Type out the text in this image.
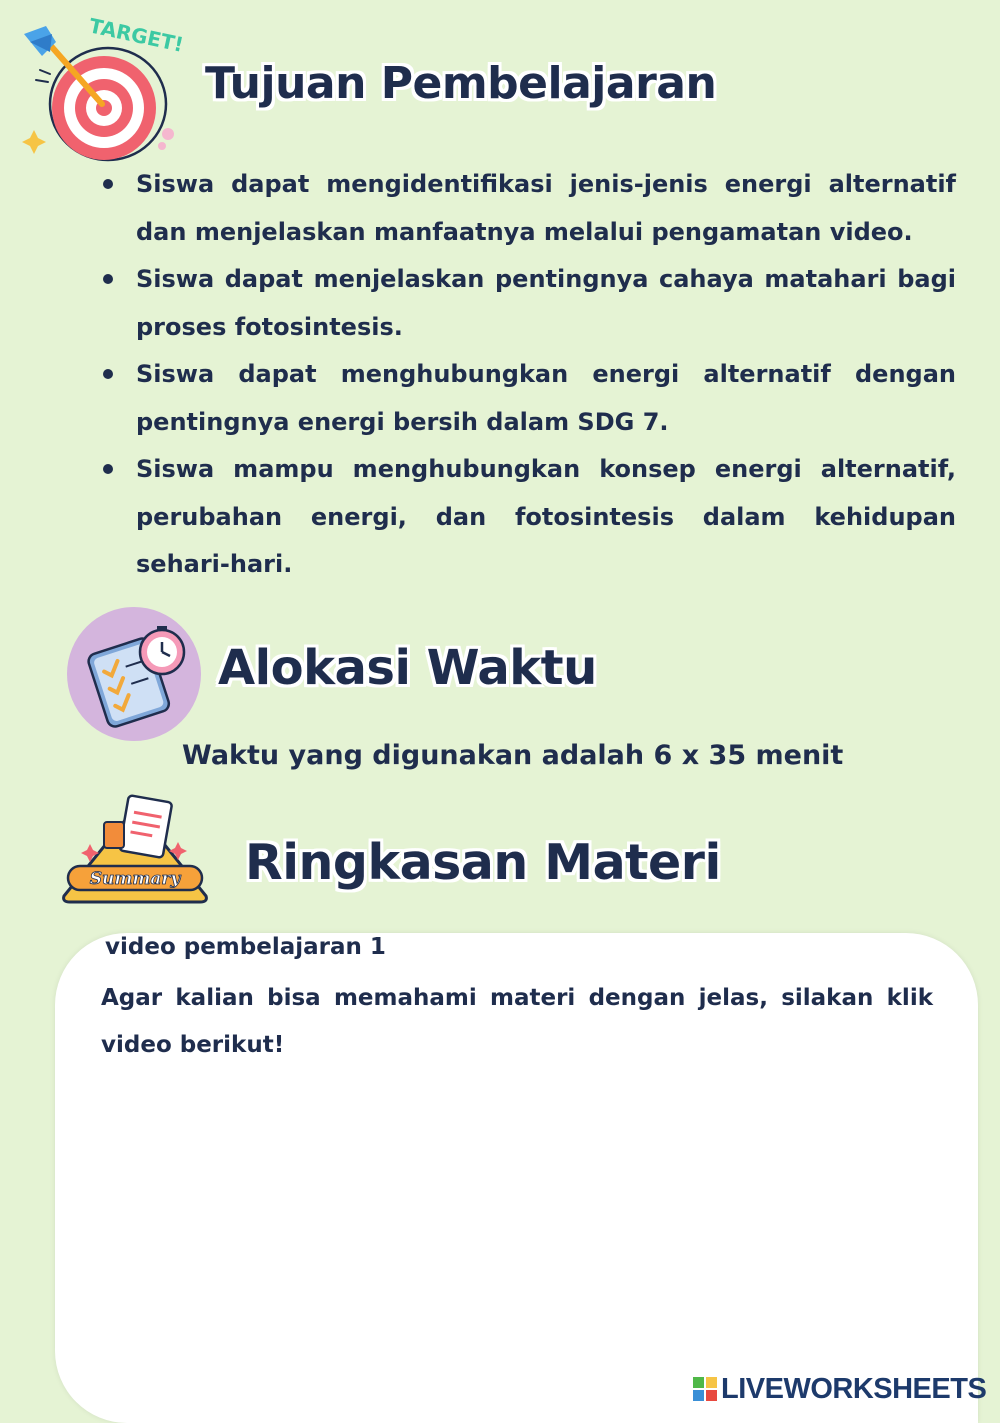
TARGET!
Tujuan Pembelajaran
Siswa dapat mengidentifikasi jenis-jenis energi alternatif dan menjelaskan manfaatnya melalui pengamatan video.
Siswa dapat menjelaskan pentingnya cahaya matahari bagi proses fotosintesis.
Siswa dapat menghubungkan energi alternatif dengan pentingnya energi bersih dalam SDG 7.
Siswa mampu menghubungkan konsep energi alternatif, perubahan energi, dan fotosintesis dalam kehidupan sehari-hari.
Alokasi Waktu

Waktu yang digunakan adalah 6 x 35 menit

Summary Ringkasan Materi

video pembelajaran 1

Agar kalian bisa memahami materi dengan jelas, silakan klik video berikut!

LIVEWORKSHEETS
